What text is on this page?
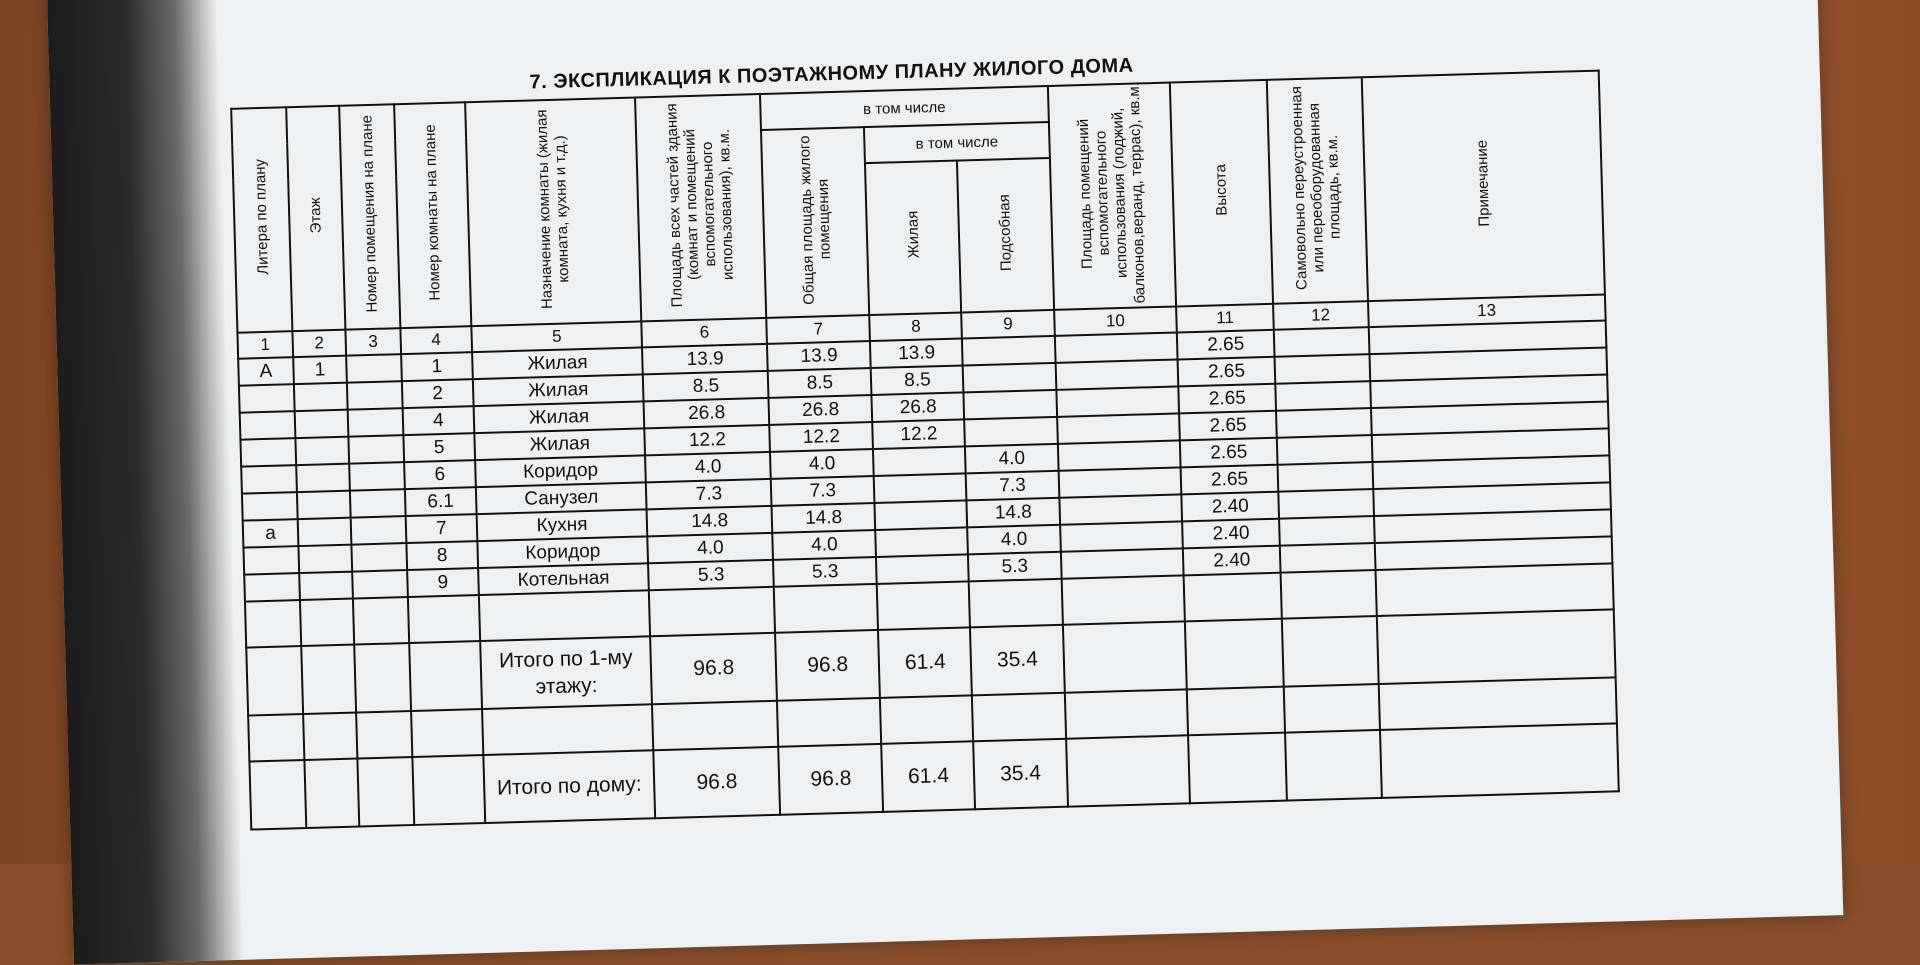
7. ЭКСПЛИКАЦИЯ К ПОЭТАЖНОМУ ПЛАНУ ЖИЛОГО ДОМА
Литера по плану	Этаж	Номер помещения на плане	Номер комнаты на плане	Назначение комнаты (жилая комната, кухня и т.д.)	Площадь всех частей здания (комнат и помещений вспомогательного использования), кв.м.	в том числе			Площадь помещений вспомогательного использования (лоджий, балконов,веранд, террас), кв.м.	Высота	Самовольно переустроенная или переоборудованная площадь, кв.м.	Примечание
						Общая площадь жилого помещения	в том числе					
							Жилая	Подсобная				
1	2	3	4	5	6	7	8	9	10	11	12	13
А	1		1	Жилая	13.9	13.9	13.9			2.65		
			2	Жилая	8.5	8.5	8.5			2.65		
			4	Жилая	26.8	26.8	26.8			2.65		
			5	Жилая	12.2	12.2	12.2			2.65		
			6	Коридор	4.0	4.0		4.0		2.65		
			6.1	Санузел	7.3	7.3		7.3		2.65		
а			7	Кухня	14.8	14.8		14.8		2.40		
			8	Коридор	4.0	4.0		4.0		2.40		
			9	Котельная	5.3	5.3		5.3		2.40		

				Итого по 1-му этажу:	96.8	96.8	61.4	35.4				

				Итого по дому:	96.8	96.8	61.4	35.4				
